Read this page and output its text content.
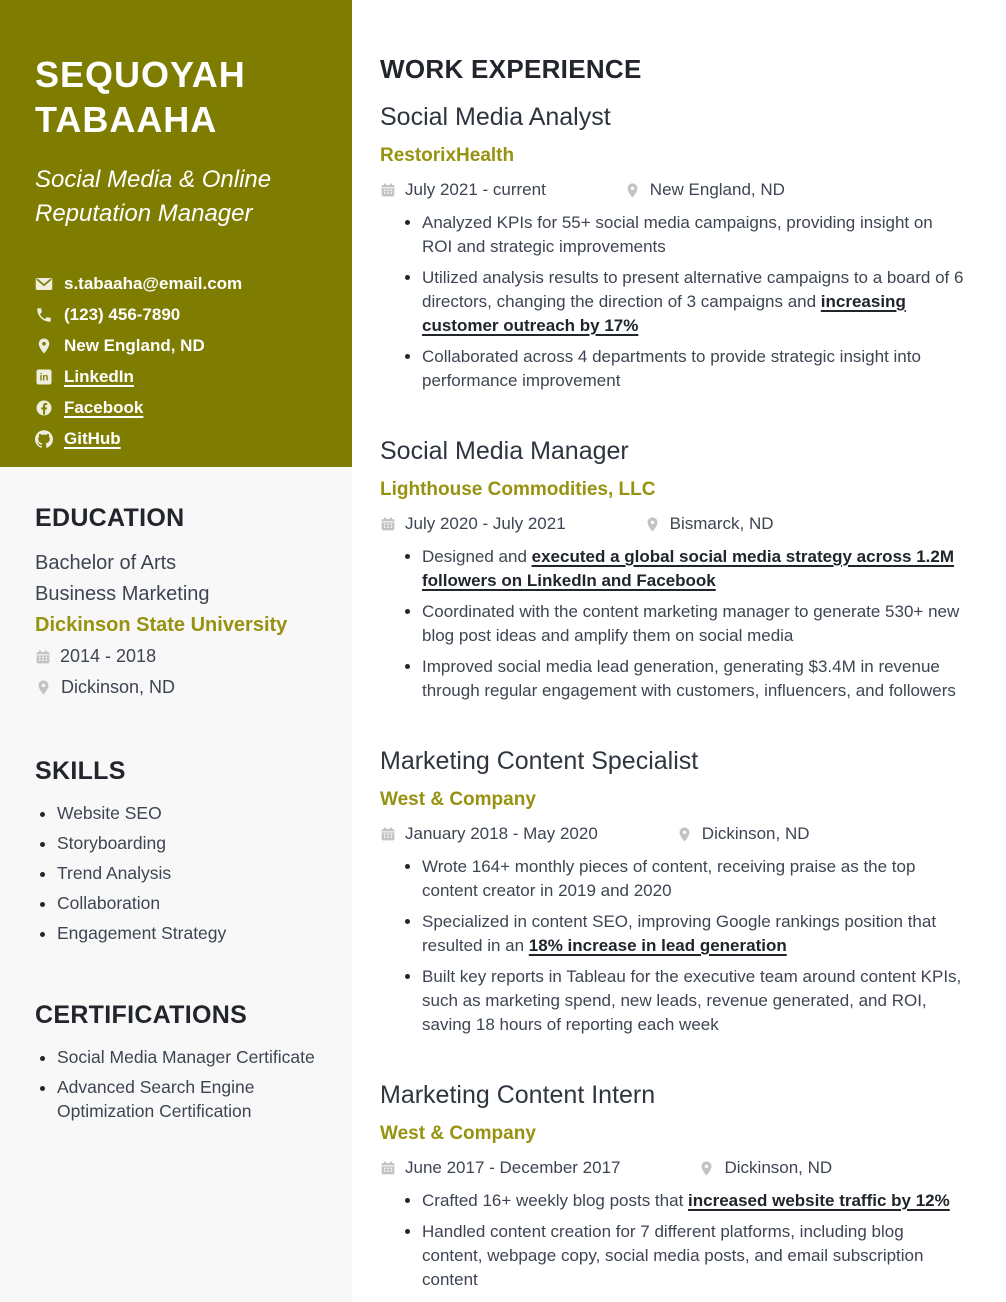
SEQUOYAH TABAAHA
Social Media & Online Reputation Manager
s.tabaaha@email.com
(123) 456-7890
New England, ND
in LinkedIn
Facebook
GitHub
EDUCATION
Bachelor of Arts
Business Marketing
Dickinson State University
2014 - 2018
Dickinson, ND
SKILLS
• Website SEO
• Storyboarding
• Trend Analysis
• Collaboration
• Engagement Strategy
CERTIFICATIONS
• Social Media Manager Certificate
• Advanced Search Engine Optimization Certification
WORK EXPERIENCE
Social Media Analyst
RestorixHealth
July 2021 - current	New England, ND
• Analyzed KPIs for 55+ social media campaigns, providing insight on ROI and strategic improvements
• Utilized analysis results to present alternative campaigns to a board of 6 directors, changing the direction of 3 campaigns and increasing customer outreach by 17%
• Collaborated across 4 departments to provide strategic insight into performance improvement
Social Media Manager
Lighthouse Commodities, LLC
July 2020 - July 2021	Bismarck, ND
• Designed and executed a global social media strategy across 1.2M followers on LinkedIn and Facebook
• Coordinated with the content marketing manager to generate 530+ new blog post ideas and amplify them on social media
• Improved social media lead generation, generating $3.4M in revenue through regular engagement with customers, influencers, and followers
Marketing Content Specialist
West & Company
January 2018 - May 2020	Dickinson, ND
• Wrote 164+ monthly pieces of content, receiving praise as the top content creator in 2019 and 2020
• Specialized in content SEO, improving Google rankings position that resulted in an 18% increase in lead generation
• Built key reports in Tableau for the executive team around content KPIs, such as marketing spend, new leads, revenue generated, and ROI, saving 18 hours of reporting each week
Marketing Content Intern
West & Company
June 2017 - December 2017	Dickinson, ND
• Crafted 16+ weekly blog posts that increased website traffic by 12%
• Handled content creation for 7 different platforms, including blog content, webpage copy, social media posts, and email subscription content
